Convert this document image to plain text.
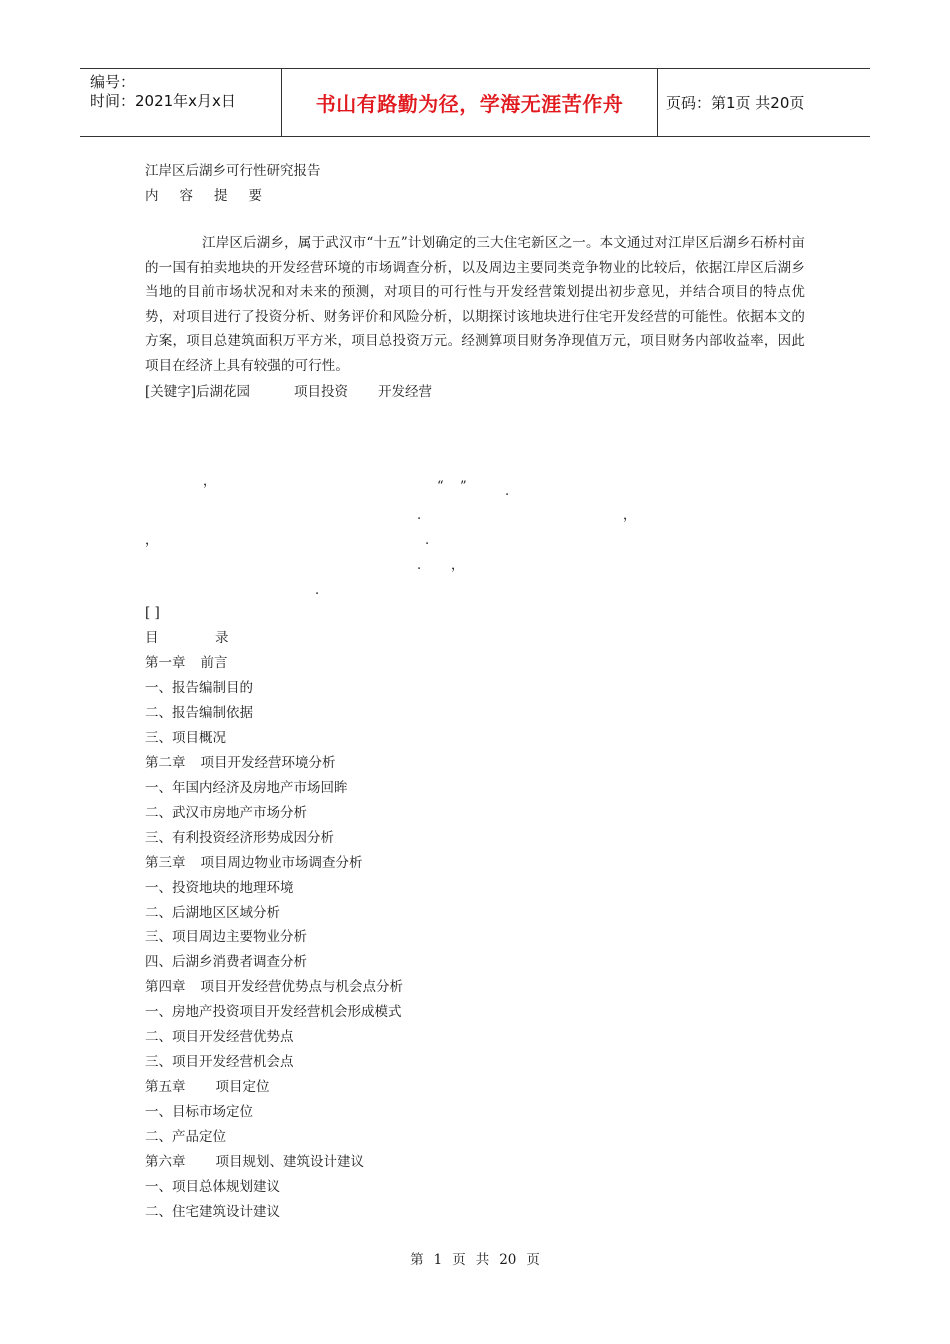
编号：
时间：2021年x月x日	书山有路勤为径，学海无涯苦作舟	页码：第1页 共20页
江岸区后湖乡可行性研究报告
内容提要
江岸区后湖乡，属于武汉市“十五”计划确定的三大住宅新区之一。本文通过对江岸区后湖乡石桥村亩的一国有拍卖地块的开发经营环境的市场调查分析，以及周边主要同类竞争物业的比较后，依据江岸区后湖乡当地的目前市场状况和对未来的预测，对项目的可行性与开发经营策划提出初步意见，并结合项目的特点优势，对项目进行了投资分析、财务评价和风险分析，以期探讨该地块进行住宅开发经营的可能性。依据本文的方案，项目总建筑面积万平方米，项目总投资万元。经测算项目财务净现值万元，项目财务内部收益率，因此项目在经济上具有较强的可行性。
[关键字]后湖花园	项目投资 开发经营
，	“ ”	.
.	，
，	.
. ，
.
[ ]
目	录
第一章 前言
一、报告编制目的
二、报告编制依据
三、项目概况
第二章 项目开发经营环境分析
一、年国内经济及房地产市场回眸
二、武汉市房地产市场分析
三、有利投资经济形势成因分析
第三章 项目周边物业市场调查分析
一、投资地块的地理环境
二、后湖地区区域分析
三、项目周边主要物业分析
四、后湖乡消费者调查分析
第四章 项目开发经营优势点与机会点分析
一、房地产投资项目开发经营机会形成模式
二、项目开发经营优势点
三、项目开发经营机会点
第五章 项目定位
一、目标市场定位
二、产品定位
第六章 项目规划、建筑设计建议
一、项目总体规划建议
二、住宅建筑设计建议
第 1 页 共 20 页
